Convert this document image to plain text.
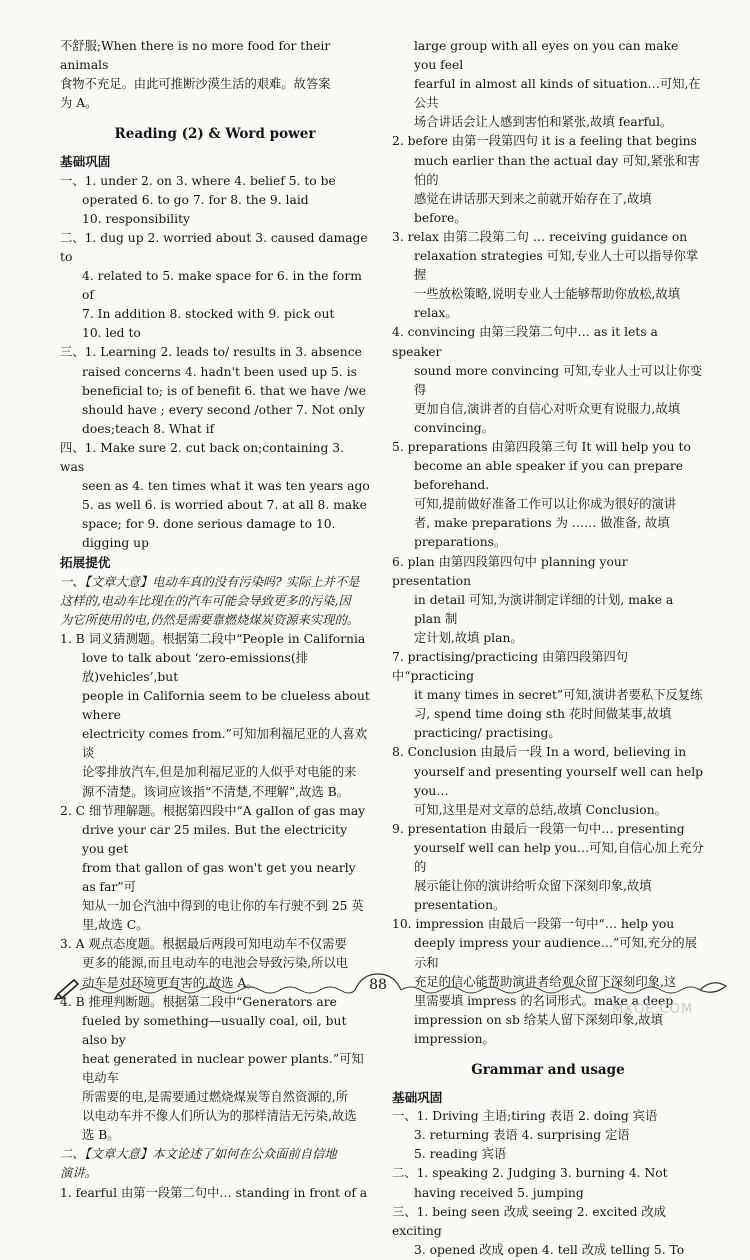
不舒服;When there is no more food for their animals

食物不充足。由此可推断沙漠生活的艰难。故答案

为 A。

Reading (2) & Word power

基础巩固

一、1. under 2. on 3. where 4. belief 5. to be

operated 6. to go 7. for 8. the 9. laid

10. responsibility

二、1. dug up 2. worried about 3. caused damage to

4. related to 5. make space for 6. in the form of

7. In addition 8. stocked with 9. pick out

10. led to

三、1. Learning 2. leads to/ results in 3. absence

raised concerns 4. hadn't been used up 5. is

beneficial to; is of benefit 6. that we have /we

should have ; every second /other 7. Not only

does;teach 8. What if

四、1. Make sure 2. cut back on;containing 3. was

seen as 4. ten times what it was ten years ago

5. as well 6. is worried about 7. at all 8. make

space; for 9. done serious damage to 10. digging up

拓展提优

一、【文章大意】电动车真的没有污染吗? 实际上并不是

这样的,电动车比现在的汽车可能会导致更多的污染,因

为它所使用的电,仍然是需要靠燃烧煤炭资源来实现的。

1. B 词义猜测题。根据第二段中“People in California

love to talk about ‘zero-emissions(排放)vehicles’,but

people in California seem to be clueless about where

electricity comes from.”可知加利福尼亚的人喜欢谈

论零排放汽车,但是加利福尼亚的人似乎对电能的来

源不清楚。该词应该指“不清楚,不理解”,故选 B。

2. C 细节理解题。根据第四段中“A gallon of gas may

drive your car 25 miles. But the electricity you get

from that gallon of gas won't get you nearly as far”可

知从一加仑汽油中得到的电让你的车行驶不到 25 英

里,故选 C。

3. A 观点态度题。根据最后两段可知电动车不仅需要

更多的能源,而且电动车的电池会导致污染,所以电

动车是对环境更有害的,故选 A。

4. B 推理判断题。根据第二段中“Generators are

fueled by something—usually coal, oil, but also by

heat generated in nuclear power plants.”可知电动车

所需要的电,是需要通过燃烧煤炭等自然资源的,所

以电动车并不像人们所认为的那样清洁无污染,故选

选 B。

二、【文章大意】本文论述了如何在公众面前自信地

演讲。

1. fearful 由第一段第二句中… standing in front of a

large group with all eyes on you can make you feel

fearful in almost all kinds of situation…可知,在公共

场合讲话会让人感到害怕和紧张,故填 fearful。

2. before 由第一段第四句 it is a feeling that begins

much earlier than the actual day 可知,紧张和害怕的

感觉在讲话那天到来之前就开始存在了,故填 before。

3. relax 由第二段第二句 … receiving guidance on

relaxation strategies 可知,专业人士可以指导你掌握

一些放松策略,说明专业人士能够帮助你放松,故填

relax。

4. convincing 由第三段第二句中… as it lets a speaker

sound more convincing 可知,专业人士可以让你变得

更加自信,演讲者的自信心对听众更有说服力,故填

convincing。

5. preparations 由第四段第三句 It will help you to

become an able speaker if you can prepare beforehand.

可知,提前做好准备工作可以让你成为很好的演讲

者, make preparations 为 …… 做准备, 故填

preparations。

6. plan 由第四段第四句中 planning your presentation

in detail 可知,为演讲制定详细的计划, make a plan 制

定计划,故填 plan。

7. practising/practicing 由第四段第四句中“practicing

it many times in secret”可知,演讲者要私下反复练

习, spend time doing sth 花时间做某事,故填

practicing/ practising。

8. Conclusion 由最后一段 In a word, believing in

yourself and presenting yourself well can help you…

可知,这里是对文章的总结,故填 Conclusion。

9. presentation 由最后一段第一句中… presenting

yourself well can help you…可知,自信心加上充分的

展示能让你的演讲给听众留下深刻印象,故填

presentation。

10. impression 由最后一段第一句中“… help you

deeply impress your audience…”可知,充分的展示和

充足的信心能帮助演讲者给观众留下深刻印象,这

里需要填 impress 的名词形式。make a deep

impression on sb 给某人留下深刻印象,故填

impression。

Grammar and usage

基础巩固

一、1. Driving 主语;tiring 表语 2. doing 宾语

3. returning 表语 4. surprising 定语

5. reading 宾语

二、1. speaking 2. Judging 3. burning 4. Not

having received 5. jumping

三、1. being seen 改成 seeing 2. excited 改成 exciting

3. opened 改成 open 4. tell 改成 telling 5. To

88
MXQE.COM
